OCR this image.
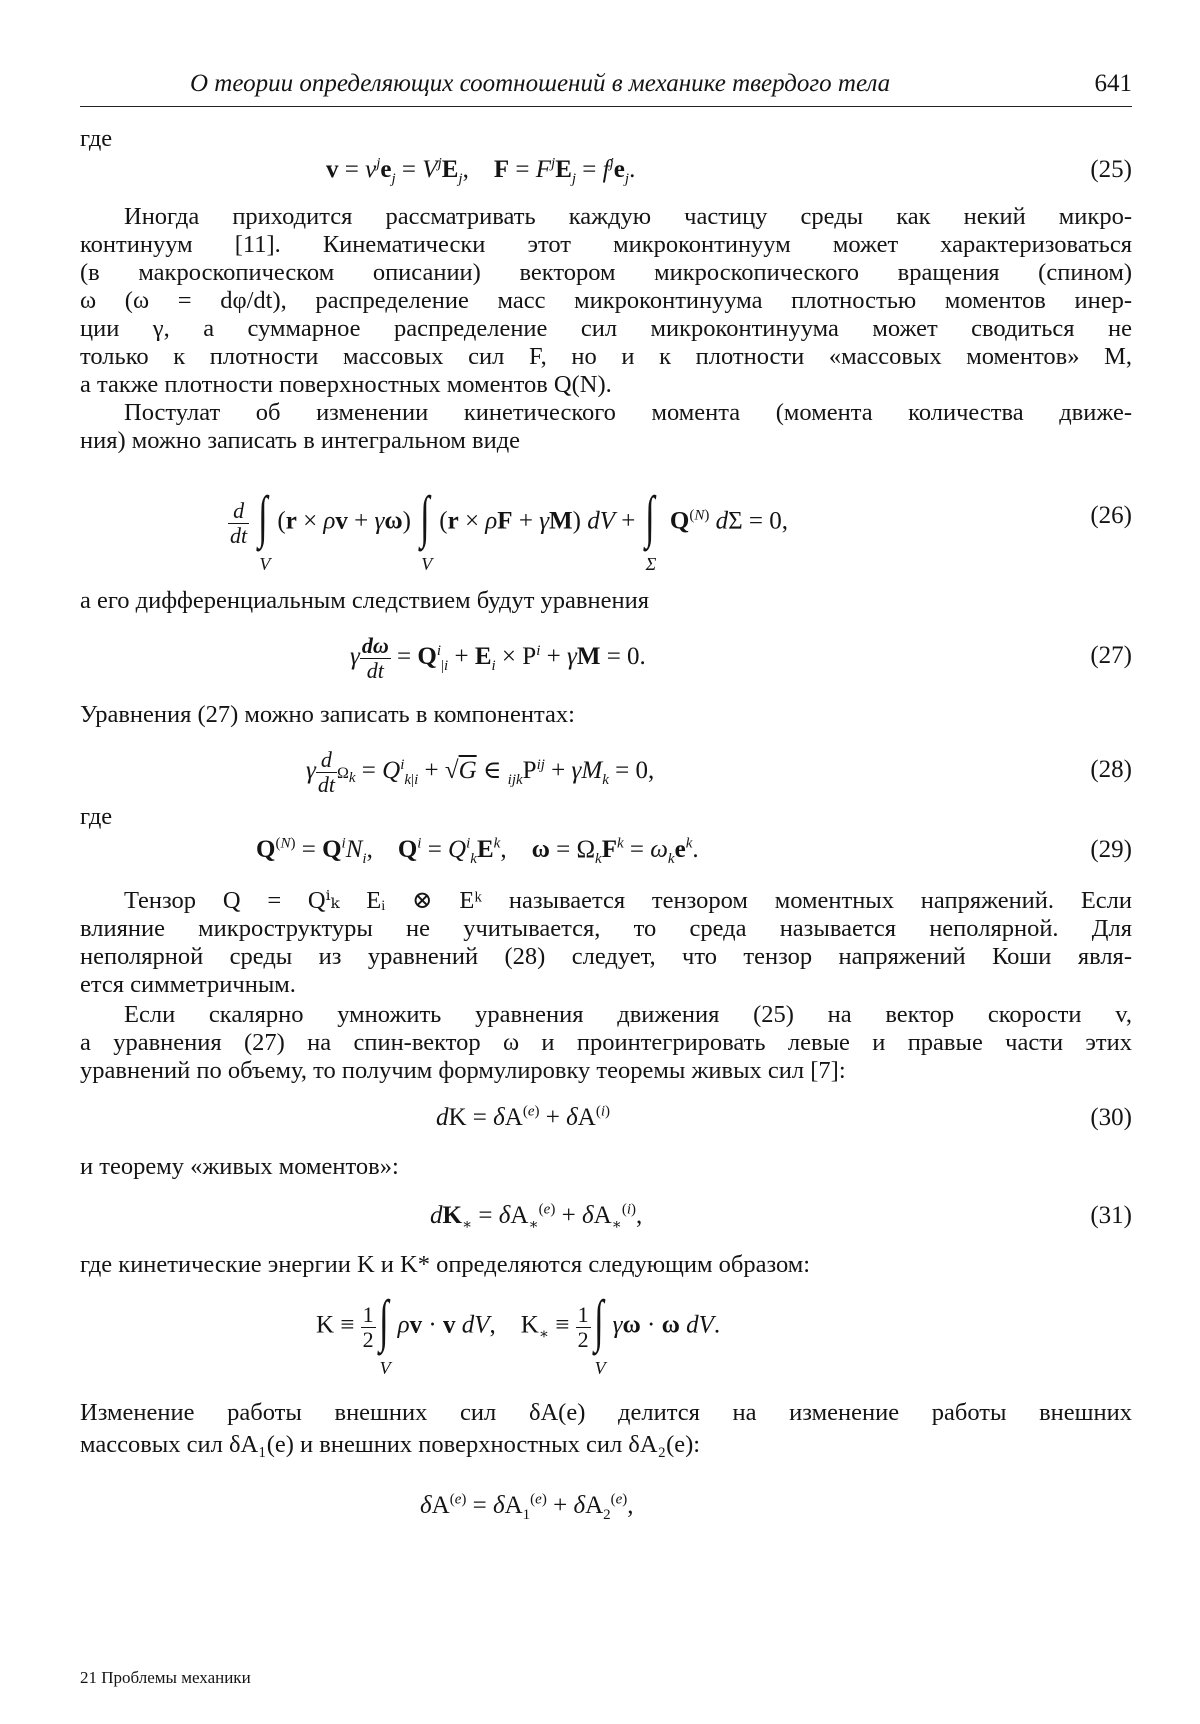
О теории определяющих соотношений в механике твердого тела	641
где
$v = v^je_j = V^jE_j$,    $F = F^jE_j = f^je_j$.	(25)
Иногда приходится рассматривать каждую частицу среды как некий микро-
континуум [11]. Кинематически этот микроконтинуум может характеризоваться
(в макроскопическом описании) вектором микроскопического вращения (спином)
ω (ω = dφ/dt), распределение масс микроконтинуума плотностью моментов инер-
ции γ, а суммарное распределение сил микроконтинуума может сводиться не
только к плотности массовых сил F, но и к плотности «массовых моментов» M,
а также плотности поверхностных моментов Q(N).
Постулат об изменении кинетического момента (момента количества движе-
ния) можно записать в интегральном виде
$\frac{d}{dt}$
∫
V
(r × ρv + γω) ∫
V
(r × ρF + γM) dV + ∫
Σ
$Q^{(N)}$ dΣ = 0,	(26)
а его дифференциальным следствием будут уравнения
γ $\frac{d\omega}{dt} = Q^i_{|i} + E_i \times P^i + \gamma M = 0$.	(27)
Уравнения (27) можно записать в компонентах:
γ $\frac{d}{dt} \Omega_k = Q^i_{k|i} + √G$ ∈ $_{ijk}P^{ij} + \gamma M_k = 0$,	(28)
где
$Q^{(N)} = Q^iN_i$,    $Q^i = Q^i_kE^k$,    $\omega = \Omega_kF^k = \omega_ke^k$.	(29)
Тензор Q = Qⁱₖ Eᵢ ⊗ Eᵏ называется тензором моментных напряжений. Если
влияние микроструктуры не учитывается, то среда называется неполярной. Для
неполярной среды из уравнений (28) следует, что тензор напряжений Коши явля-
ется симметричным.
Если скалярно умножить уравнения движения (25) на вектор скорости v,
а уравнения (27) на спин-вектор ω и проинтегрировать левые и правые части этих
уравнений по объему, то получим формулировку теоремы живых сил [7]:
dK = $\delta A^{(e)} + \delta A^{(i)}$	(30)
и теорему «живых моментов»:
$dK_∗ = \delta A_∗^{(e)} + \delta A_∗^{(i)}$,	(31)
где кинетические энергии K и K* определяются следующим образом:
$K \equiv \frac{1}{2}$ ∫
V
ρv · v dV,    $K_∗ \equiv \frac{1}{2}$ ∫
V
γω · ω dV.
Изменение работы внешних сил δA(e) делится на изменение работы внешних
массовых сил δA₁(e) и внешних поверхностных сил δA₂(e):
$\delta A^{(e)} = \delta A_1^{(e)} + \delta A_2^{(e)}$,
21 Проблемы механики
